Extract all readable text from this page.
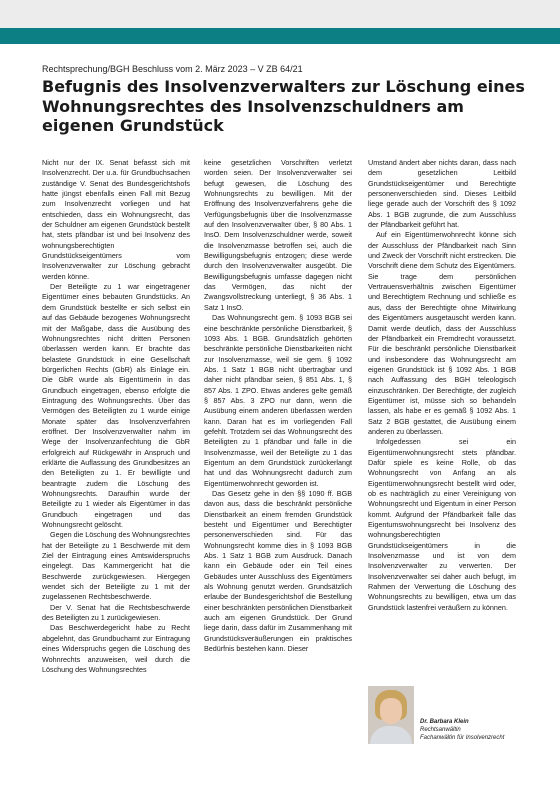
Rechtsprechung/BGH Beschluss vom 2. März 2023 – V ZB 64/21
Befugnis des Insolvenzverwalters zur Löschung eines Wohnungsrechtes des Insolvenzschuldners am eigenen Grundstück

Nicht nur der IX. Senat befasst sich mit Insolvenzrecht. Der u.a. für Grundbuchsachen zuständige V. Senat des Bundesgerichtshofs hatte jüngst ebenfalls einen Fall mit Bezug zum Insolvenzrecht vorliegen und hat entschieden, dass ein Wohnungsrecht, das der Schuldner am eigenen Grundstück bestellt hat, stets pfändbar ist und bei Insolvenz des wohnungsberechtigten Grundstückseigentümers vom Insolvenzverwalter zur Löschung gebracht werden könne.

Der Beteiligte zu 1 war eingetragener Eigentümer eines bebauten Grundstücks. An dem Grundstück bestellte er sich selbst ein auf das Gebäude bezogenes Wohnungsrecht mit der Maßgabe, dass die Ausübung des Wohnungsrechtes nicht dritten Personen überlassen werden kann. Er brachte das belastete Grundstück in eine Gesellschaft bürgerlichen Rechts (GbR) als Einlage ein. Die GbR wurde als Eigentümerin in das Grundbuch eingetragen, ebenso erfolgte die Eintragung des Wohnungsrechts. Über das Vermögen des Beteiligten zu 1 wurde einige Monate später das Insolvenzverfahren eröffnet. Der Insolvenzverwalter nahm im Wege der Insolvenzanfechtung die GbR erfolgreich auf Rückgewähr in Anspruch und erklärte die Auflassung des Grundbesitzes an den Beteiligten zu 1. Er bewilligte und beantragte zudem die Löschung des Wohnungsrechts. Daraufhin wurde der Beteiligte zu 1 wieder als Eigentümer in das Grundbuch eingetragen und das Wohnungsrecht gelöscht.

Gegen die Löschung des Wohnungsrechtes hat der Beteiligte zu 1 Beschwerde mit dem Ziel der Eintragung eines Amtswiderspruchs eingelegt. Das Kammergericht hat die Beschwerde zurückgewiesen. Hiergegen wendet sich der Beteiligte zu 1 mit der zugelassenen Rechtsbeschwerde.

Der V. Senat hat die Rechtsbeschwerde des Beteiligten zu 1 zurückgewiesen.

Das Beschwerdegericht habe zu Recht abgelehnt, das Grundbuchamt zur Eintragung eines Widerspruchs gegen die Löschung des Wohnrechts anzuweisen, weil durch die Löschung des Wohnungsrechtes

keine gesetzlichen Vorschriften verletzt worden seien. Der Insolvenzverwalter sei befugt gewesen, die Löschung des Wohnungsrechts zu bewilligen. Mit der Eröffnung des Insolvenzverfahrens gehe die Verfügungsbefugnis über die Insolvenzmasse auf den Insolvenzverwalter über, § 80 Abs. 1 InsO. Dem Insolvenzschuldner werde, soweit die Insolvenzmasse betroffen sei, auch die Bewilligungsbefugnis entzogen; diese werde durch den Insolvenzverwalter ausgeübt. Die Bewilligungsbefugnis umfasse dagegen nicht das Vermögen, das nicht der Zwangsvollstreckung unterliegt, § 36 Abs. 1 Satz 1 InsO.

Das Wohnungsrecht gem. § 1093 BGB sei eine beschränkte persönliche Dienstbarkeit, § 1093 Abs. 1 BGB. Grundsätzlich gehörten beschränkte persönliche Dienstbarkeiten nicht zur Insolvenzmasse, weil sie gem. § 1092 Abs. 1 Satz 1 BGB nicht übertragbar und daher nicht pfändbar seien, § 851 Abs. 1, § 857 Abs. 1 ZPO. Etwas anderes gelte gemäß § 857 Abs. 3 ZPO nur dann, wenn die Ausübung einem anderen überlassen werden kann. Daran hat es im vorliegenden Fall gefehlt. Trotzdem sei das Wohnungsrecht des Beteiligten zu 1 pfändbar und falle in die Insolvenzmasse, weil der Beteiligte zu 1 das Eigentum an dem Grundstück zurückerlangt hat und das Wohnungsrecht dadurch zum Eigentümerwohnrecht geworden ist.

Das Gesetz gehe in den §§ 1090 ff. BGB davon aus, dass die beschränkt persönliche Dienstbarkeit an einem fremden Grundstück besteht und Eigentümer und Berechtigter personenverschieden sind. Für das Wohnungsrecht komme dies in § 1093 BGB Abs. 1 Satz 1 BGB zum Ausdruck. Danach kann ein Gebäude oder ein Teil eines Gebäudes unter Ausschluss des Eigentümers als Wohnung genutzt werden. Grundsätzlich erlaube der Bundesgerichtshof die Bestellung einer beschränkten persönlichen Dienstbarkeit auch am eigenen Grundstück. Der Grund liege darin, dass dafür im Zusammenhang mit Grundstücksveräußerungen ein praktisches Bedürfnis bestehen kann. Dieser

Umstand ändert aber nichts daran, dass nach dem gesetzlichen Leitbild Grundstückseigentümer und Berechtigte personenverschieden sind. Dieses Leitbild liege gerade auch der Vorschrift des § 1092 Abs. 1 BGB zugrunde, die zum Ausschluss der Pfändbarkeit geführt hat.

Auf ein Eigentümerwohnrecht könne sich der Ausschluss der Pfändbarkeit nach Sinn und Zweck der Vorschrift nicht erstrecken. Die Vorschrift diene dem Schutz des Eigentümers. Sie trage dem persönlichen Vertrauensverhältnis zwischen Eigentümer und Berechtigtem Rechnung und schließe es aus, dass der Berechtigte ohne Mitwirkung des Eigentümers ausgetauscht werden kann. Damit werde deutlich, dass der Ausschluss der Pfändbarkeit ein Fremdrecht voraussetzt. Für die beschränkt persönliche Dienstbarkeit und insbesondere das Wohnungsrecht am eigenen Grundstück ist § 1092 Abs. 1 BGB nach Auffassung des BGH teleologisch einzuschränken. Der Berechtigte, der zugleich Eigentümer ist, müsse sich so behandeln lassen, als habe er es gemäß § 1092 Abs. 1 Satz 2 BGB gestattet, die Ausübung einem anderen zu überlassen.

Infolgedessen sei ein Eigentümerwohnungsrecht stets pfändbar. Dafür spiele es keine Rolle, ob das Wohnungsrecht von Anfang an als Eigentümerwohnungsrecht bestellt wird oder, ob es nachträglich zu einer Vereinigung von Wohnungsrecht und Eigentum in einer Person kommt. Aufgrund der Pfändbarkeit falle das Eigentumswohnungsrecht bei Insolvenz des wohnungsberechtigten Grundstückseigentümers in die Insolvenzmasse und ist von dem Insolvenzverwalter zu verwerten. Der Insolvenzverwalter sei daher auch befugt, im Rahmen der Verwertung die Löschung des Wohnungsrechts zu bewilligen, etwa um das Grundstück lastenfrei veräußern zu können.

Dr. Barbara Klein
Rechtsanwältin
Fachanwältin für Insolvenzrecht
